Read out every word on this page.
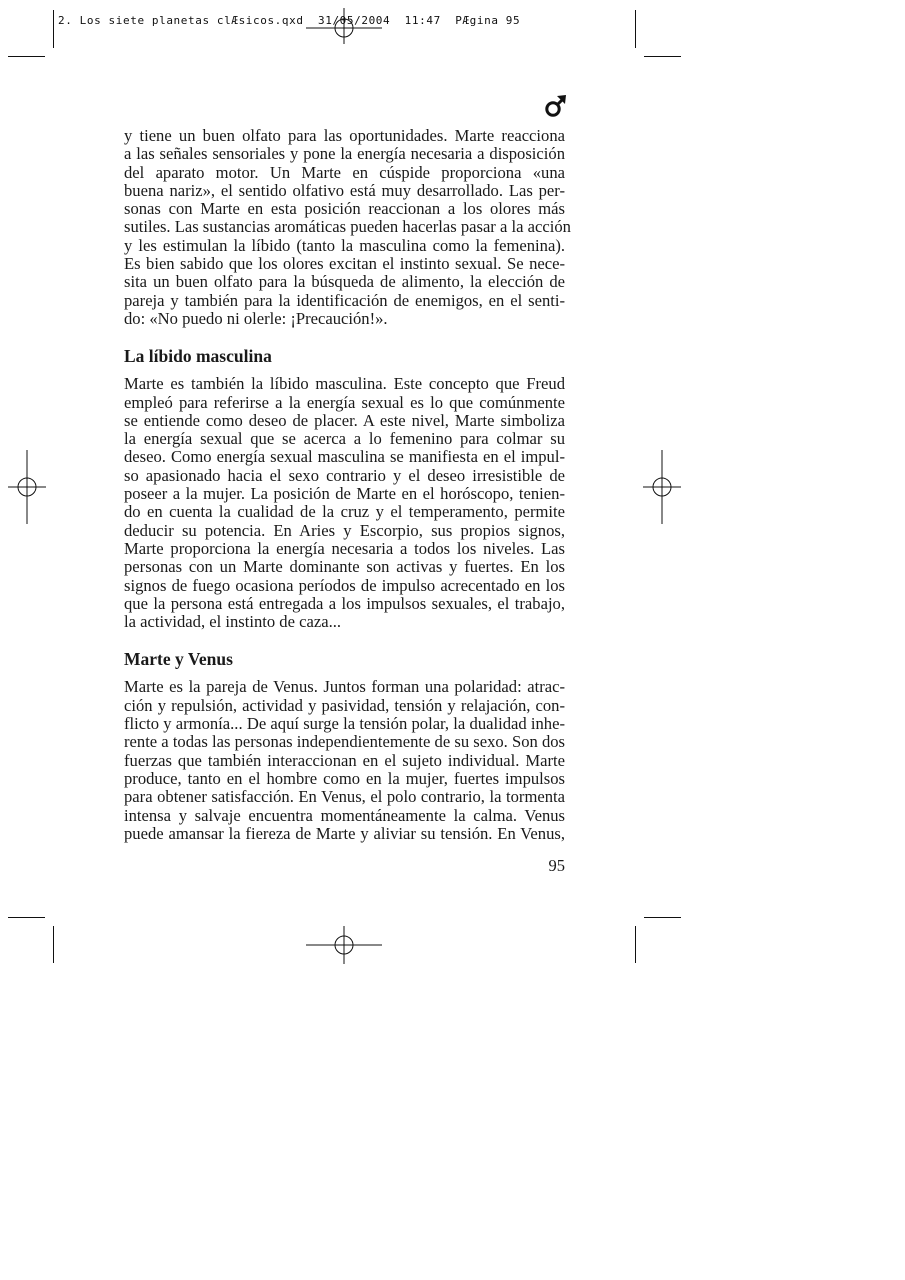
2. Los siete planetas clÆsicos.qxd  31/05/2004  11:47  PÆgina 95

y tiene un buen olfato para las oportunidades. Marte reacciona
a las señales sensoriales y pone la energía necesaria a disposición
del aparato motor. Un Marte en cúspide proporciona «una
buena nariz», el sentido olfativo está muy desarrollado. Las per-
sonas con Marte en esta posición reaccionan a los olores más
sutiles. Las sustancias aromáticas pueden hacerlas pasar a la acción
y les estimulan la líbido (tanto la masculina como la femenina).
Es bien sabido que los olores excitan el instinto sexual. Se nece-
sita un buen olfato para la búsqueda de alimento, la elección de
pareja y también para la identificación de enemigos, en el senti-
do: «No puedo ni olerle: ¡Precaución!».

La líbido masculina

Marte es también la líbido masculina. Este concepto que Freud
empleó para referirse a la energía sexual es lo que comúnmente
se entiende como deseo de placer. A este nivel, Marte simboliza
la energía sexual que se acerca a lo femenino para colmar su
deseo. Como energía sexual masculina se manifiesta en el impul-
so apasionado hacia el sexo contrario y el deseo irresistible de
poseer a la mujer. La posición de Marte en el horóscopo, tenien-
do en cuenta la cualidad de la cruz y el temperamento, permite
deducir su potencia. En Aries y Escorpio, sus propios signos,
Marte proporciona la energía necesaria a todos los niveles. Las
personas con un Marte dominante son activas y fuertes. En los
signos de fuego ocasiona períodos de impulso acrecentado en los
que la persona está entregada a los impulsos sexuales, el trabajo,
la actividad, el instinto de caza...

Marte y Venus

Marte es la pareja de Venus. Juntos forman una polaridad: atrac-
ción y repulsión, actividad y pasividad, tensión y relajación, con-
flicto y armonía... De aquí surge la tensión polar, la dualidad inhe-
rente a todas las personas independientemente de su sexo. Son dos
fuerzas que también interaccionan en el sujeto individual. Marte
produce, tanto en el hombre como en la mujer, fuertes impulsos
para obtener satisfacción. En Venus, el polo contrario, la tormenta
intensa y salvaje encuentra momentáneamente la calma. Venus
puede amansar la fiereza de Marte y aliviar su tensión. En Venus,

95
